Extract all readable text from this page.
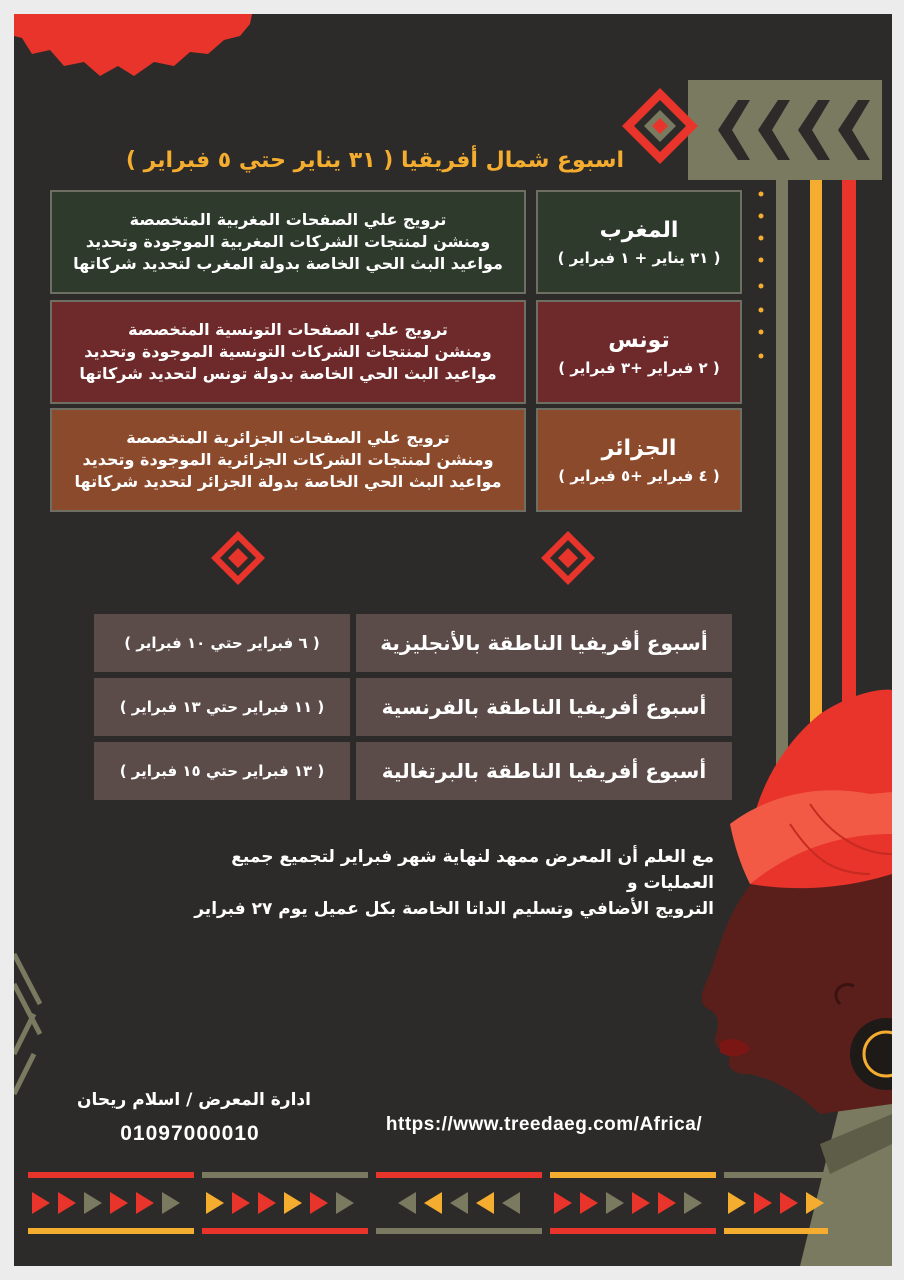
اسبوع شمال أفريقيا ( ٣١ يناير حتي ٥ فبراير )
المغرب
( ٣١ يناير + ١ فبراير )
ترويج علي الصفحات المغربية المتخصصة
ومنشن لمنتجات الشركات المغربية الموجودة وتحديد
مواعيد البث الحي الخاصة بدولة المغرب لتحديد شركاتها
تونس
( ٢ فبراير +٣ فبراير )
ترويج علي الصفحات التونسية المتخصصة
ومنشن لمنتجات الشركات التونسية الموجودة وتحديد
مواعيد البث الحي الخاصة بدولة تونس لتحديد شركاتها
الجزائر
( ٤ فبراير +٥ فبراير )
ترويج علي الصفحات الجزائرية المتخصصة
ومنشن لمنتجات الشركات الجزائرية الموجودة وتحديد
مواعيد البث الحي الخاصة بدولة الجزائر لتحديد شركاتها
أسبوع أفريفيا الناطقة بالأنجليزية
( ٦ فبراير حتي ١٠ فبراير )
أسبوع أفريفيا الناطقة بالفرنسية
( ١١ فبراير حتي ١٣ فبراير )
أسبوع أفريفيا الناطقة بالبرتغالية
( ١٣ فبراير حتي ١٥ فبراير )
مع العلم أن المعرض ممهد لنهاية شهر فبراير لتجميع جميع العمليات و
الترويج الأضافي وتسليم الداتا الخاصة بكل عميل يوم ٢٧ فبراير
ادارة المعرض / اسلام ريحان
01097000010	https://www.treedaeg.com/Africa/
